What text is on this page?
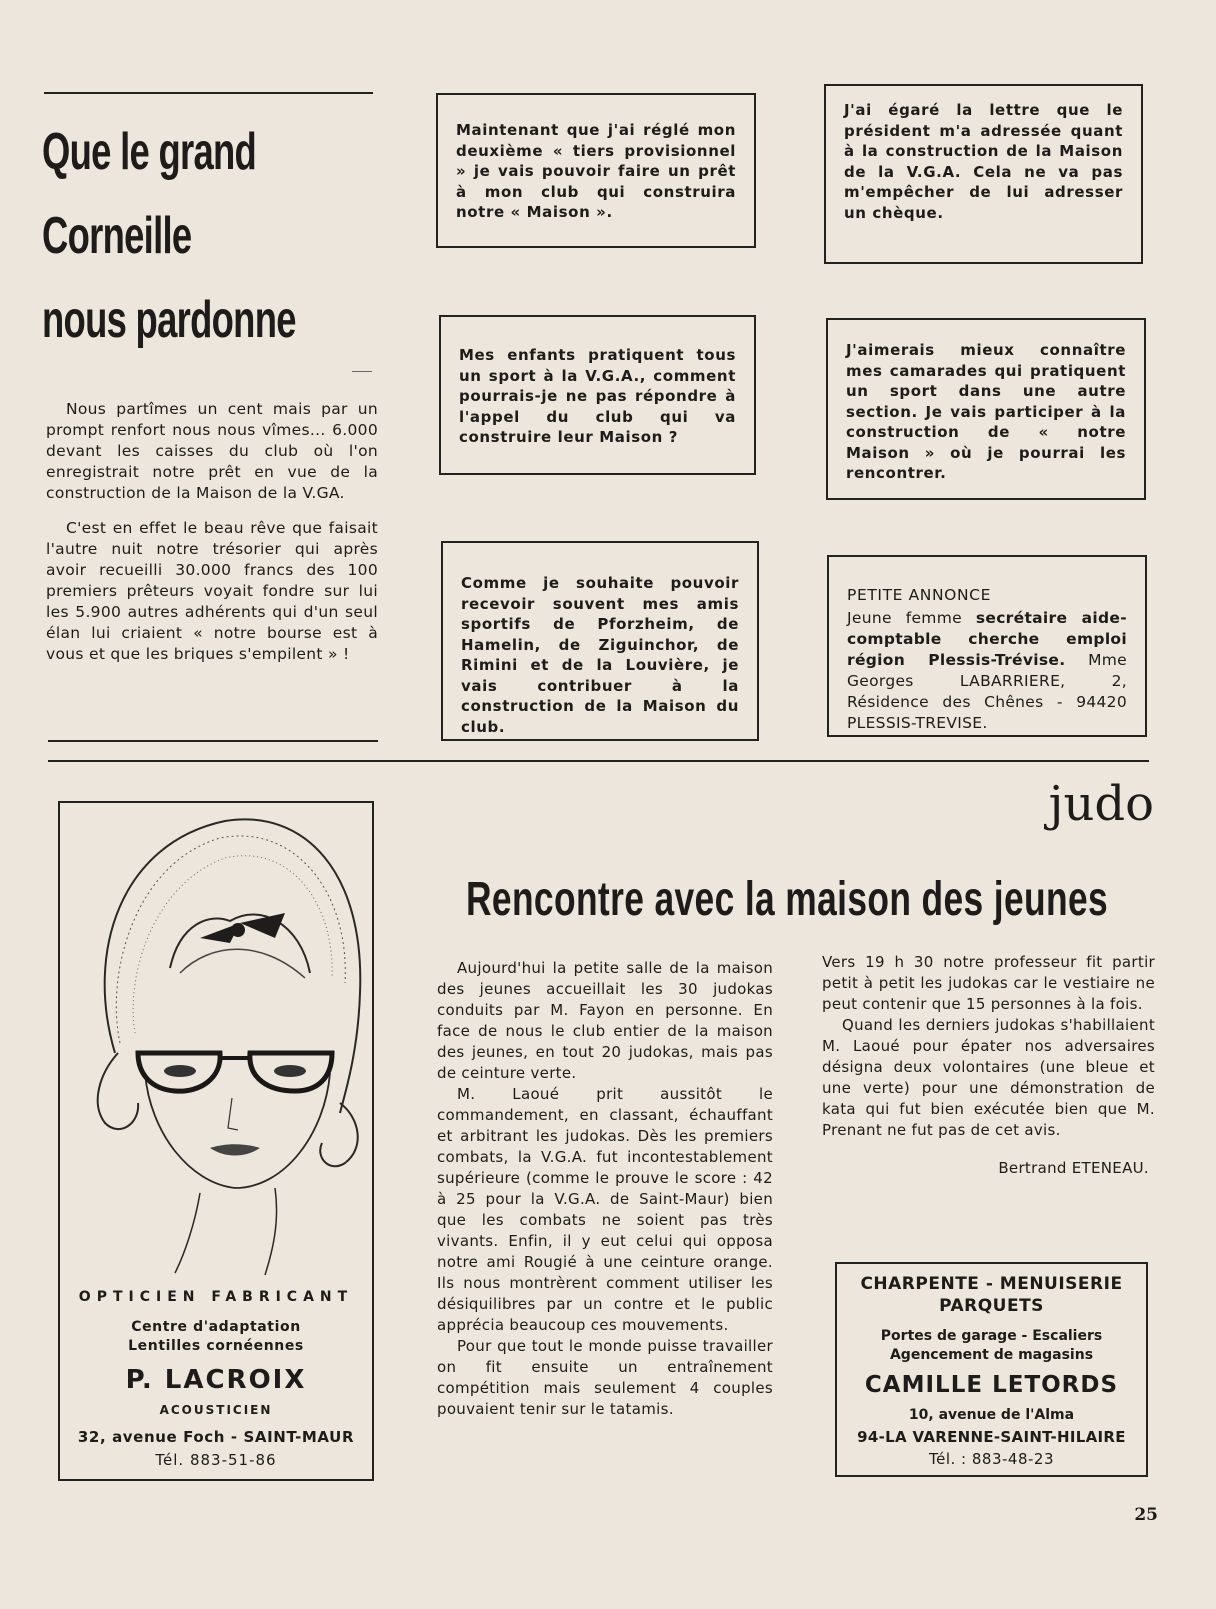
Que le grand
Corneille
nous pardonne

Nous partîmes un cent mais par un prompt renfort nous nous vîmes... 6.000 devant les caisses du club où l'on enregistrait notre prêt en vue de la construction de la Maison de la V.GA.

C'est en effet le beau rêve que faisait l'autre nuit notre trésorier qui après avoir recueilli 30.000 francs des 100 premiers prêteurs voyait fondre sur lui les 5.900 autres adhérents qui d'un seul élan lui criaient « notre bourse est à vous et que les briques s'empilent » !

Maintenant que j'ai réglé mon deuxième « tiers provisionnel » je vais pouvoir faire un prêt à mon club qui construira notre « Maison ».

J'ai égaré la lettre que le président m'a adressée quant à la construction de la Maison de la V.G.A. Cela ne va pas m'empêcher de lui adresser un chèque.

Mes enfants pratiquent tous un sport à la V.G.A., comment pourrais-je ne pas répondre à l'appel du club qui va construire leur Maison ?

J'aimerais mieux connaître mes camarades qui pratiquent un sport dans une autre section. Je vais participer à la construction de « notre Maison » où je pourrai les rencontrer.

Comme je souhaite pouvoir recevoir souvent mes amis sportifs de Pforzheim, de Hamelin, de Ziguinchor, de Rimini et de la Louvière, je vais contribuer à la construction de la Maison du club.

PETITE ANNONCE
Jeune femme secrétaire aide-comptable cherche emploi région Plessis-Trévise. Mme Georges LABARRIERE, 2, Résidence des Chênes - 94420 PLESSIS-TREVISE.
OPTICIEN FABRICANT
Centre d'adaptation
Lentilles cornéennes
P. LACROIX
ACOUSTICIEN
32, avenue Foch - SAINT-MAUR
Tél. 883-51-86
judo
Rencontre avec la maison des jeunes

Aujourd'hui la petite salle de la maison des jeunes accueillait les 30 judokas conduits par M. Fayon en personne. En face de nous le club entier de la maison des jeunes, en tout 20 judokas, mais pas de ceinture verte.

M. Laoué prit aussitôt le commandement, en classant, échauffant et arbitrant les judokas. Dès les premiers combats, la V.G.A. fut incontestablement supérieure (comme le prouve le score : 42 à 25 pour la V.G.A. de Saint-Maur) bien que les combats ne soient pas très vivants. Enfin, il y eut celui qui opposa notre ami Rougié à une ceinture orange. Ils nous montrèrent comment utiliser les désiquilibres par un contre et le public apprécia beaucoup ces mouvements.

Pour que tout le monde puisse travailler on fit ensuite un entraînement compétition mais seulement 4 couples pouvaient tenir sur le tatamis.

Vers 19 h 30 notre professeur fit partir petit à petit les judokas car le vestiaire ne peut contenir que 15 personnes à la fois.

Quand les derniers judokas s'habillaient M. Laoué pour épater nos adversaires désigna deux volontaires (une bleue et une verte) pour une démonstration de kata qui fut bien exécutée bien que M. Prenant ne fut pas de cet avis.

Bertrand ETENEAU.
CHARPENTE - MENUISERIE
PARQUETS
Portes de garage - Escaliers
Agencement de magasins
CAMILLE LETORDS
10, avenue de l'Alma
94-LA VARENNE-SAINT-HILAIRE
Tél. : 883-48-23
25
